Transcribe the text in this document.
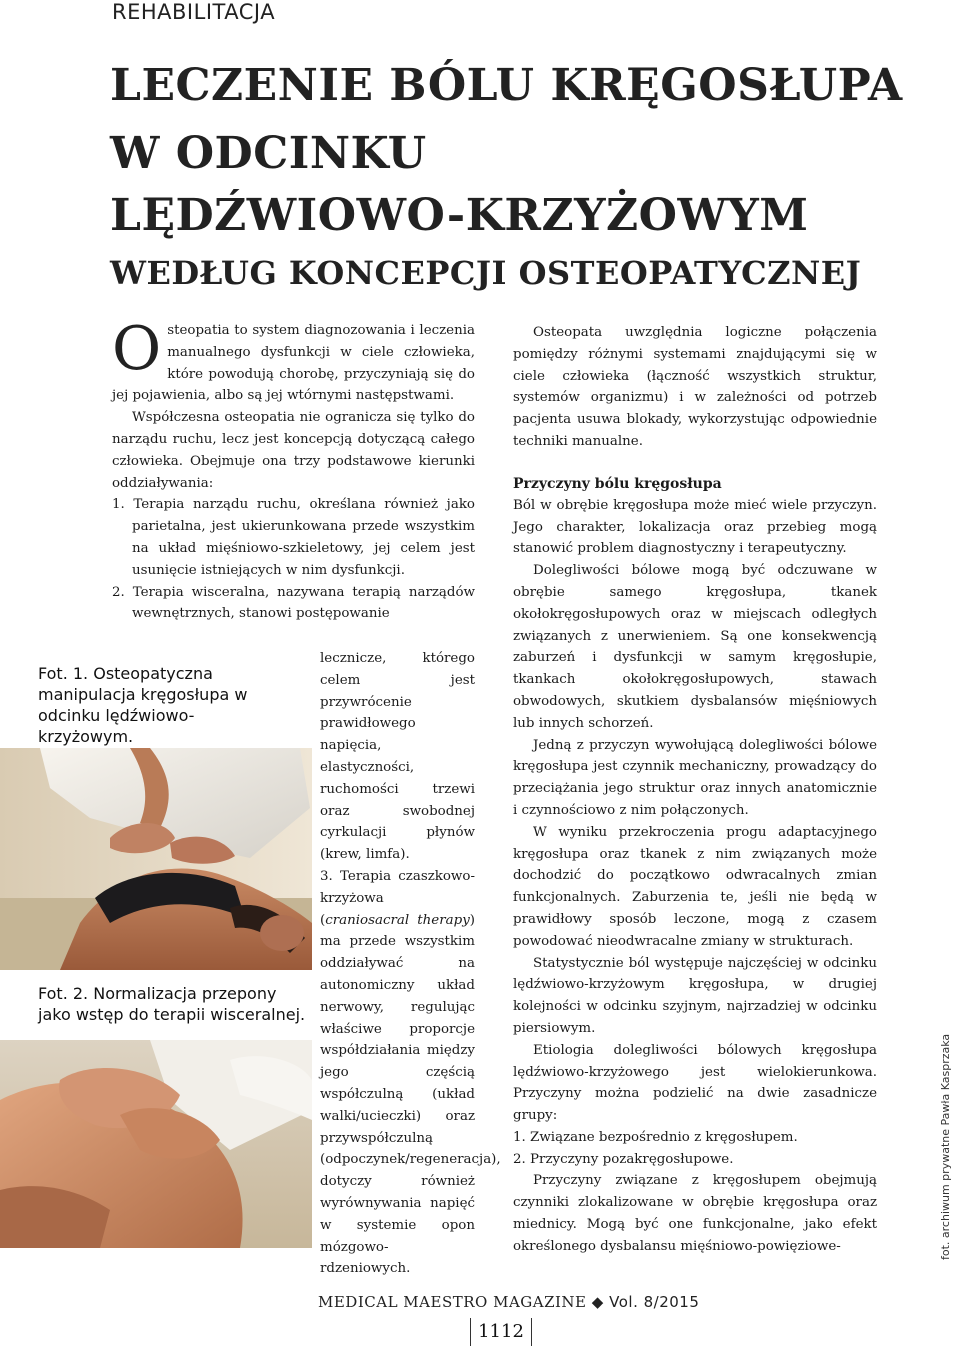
REHABILITACJA
LECZENIE BÓLU KRĘGOSŁUPA
W ODCINKU
LĘDŹWIOWO-KRZYŻOWYM
WEDŁUG KONCEPCJI OSTEOPATYCZNEJ

Osteopatia to system diagnozowania i leczenia manualnego dysfunkcji w ciele człowieka, które powodują chorobę, przyczyniają się do jej pojawienia, albo są jej wtórnymi następstwami.

Współczesna osteopatia nie ogranicza się tylko do narządu ruchu, lecz jest koncepcją dotyczącą całego człowieka. Obejmuje ona trzy podstawowe kierunki oddziaływania:

1. Terapia narządu ruchu, określana również jako parietalna, jest ukierunkowana przede wszystkim na układ mięśniowo-szkieletowy, jej celem jest usunięcie istniejących w nim dysfunkcji.

2. Terapia wisceralna, nazywana terapią narządów wewnętrznych, stanowi postępowanie

lecznicze, którego celem jest przywrócenie prawidłowego napięcia, elastyczności, ruchomości trzewi oraz swobodnej cyrkulacji płynów (krew, limfa).

3. Terapia czaszkowo-krzyżowa (craniosacral therapy) ma przede wszystkim oddziaływać na autonomiczny układ nerwowy, regulując właściwe proporcje współdziałania między jego częścią współczulną (układ walki/ucieczki) oraz przywspółczulną (odpoczynek/regeneracja), dotyczy również wyrównywania napięć w systemie opon mózgowo-rdzeniowych.

Fot. 1. Osteopatyczna manipulacja kręgosłupa w odcinku lędźwiowo-krzyżowym.
Fot. 2. Normalizacja przepony jako wstęp do terapii wisceralnej.

Osteopata uwzględnia logiczne połączenia pomiędzy różnymi systemami znajdującymi się w ciele człowieka (łączność wszystkich struktur, systemów organizmu) i w zależności od potrzeb pacjenta usuwa blokady, wykorzystując odpowiednie techniki manualne.

Przyczyny bólu kręgosłupa

Ból w obrębie kręgosłupa może mieć wiele przyczyn. Jego charakter, lokalizacja oraz przebieg mogą stanowić problem diagnostyczny i terapeutyczny.

Dolegliwości bólowe mogą być odczuwane w obrębie samego kręgosłupa, tkanek okołokręgosłupowych oraz w miejscach odległych związanych z unerwieniem. Są one konsekwencją zaburzeń i dysfunkcji w samym kręgosłupie, tkankach okołokręgosłupowych, stawach obwodowych, skutkiem dysbalansów mięśniowych lub innych schorzeń.

Jedną z przyczyn wywołującą dolegliwości bólowe kręgosłupa jest czynnik mechaniczny, prowadzący do przeciążania jego struktur oraz innych anatomicznie i czynnościowo z nim połączonych.

W wyniku przekroczenia progu adaptacyjnego kręgosłupa oraz tkanek z nim związanych może dochodzić do początkowo odwracalnych zmian funkcjonalnych. Zaburzenia te, jeśli nie będą w prawidłowy sposób leczone, mogą z czasem powodować nieodwracalne zmiany w strukturach.

Statystycznie ból występuje najczęściej w odcinku lędźwiowo-krzyżowym kręgosłupa, w drugiej kolejności w odcinku szyjnym, najrzadziej w odcinku piersiowym.

Etiologia dolegliwości bólowych kręgosłupa lędźwiowo-krzyżowego jest wielokierunkowa. Przyczyny można podzielić na dwie zasadnicze grupy:

1. Związane bezpośrednio z kręgosłupem.

2. Przyczyny pozakręgosłupowe.

Przyczyny związane z kręgosłupem obejmują czynniki zlokalizowane w obrębie kręgosłupa oraz miednicy. Mogą być one funkcjonalne, jako efekt określonego dysbalansu mięśniowo-powięziowe-	fot. archiwum prywatne Pawła Kasprzaka
MEDICAL MAESTRO MAGAZINE ◆ Vol. 8/2015
1112
